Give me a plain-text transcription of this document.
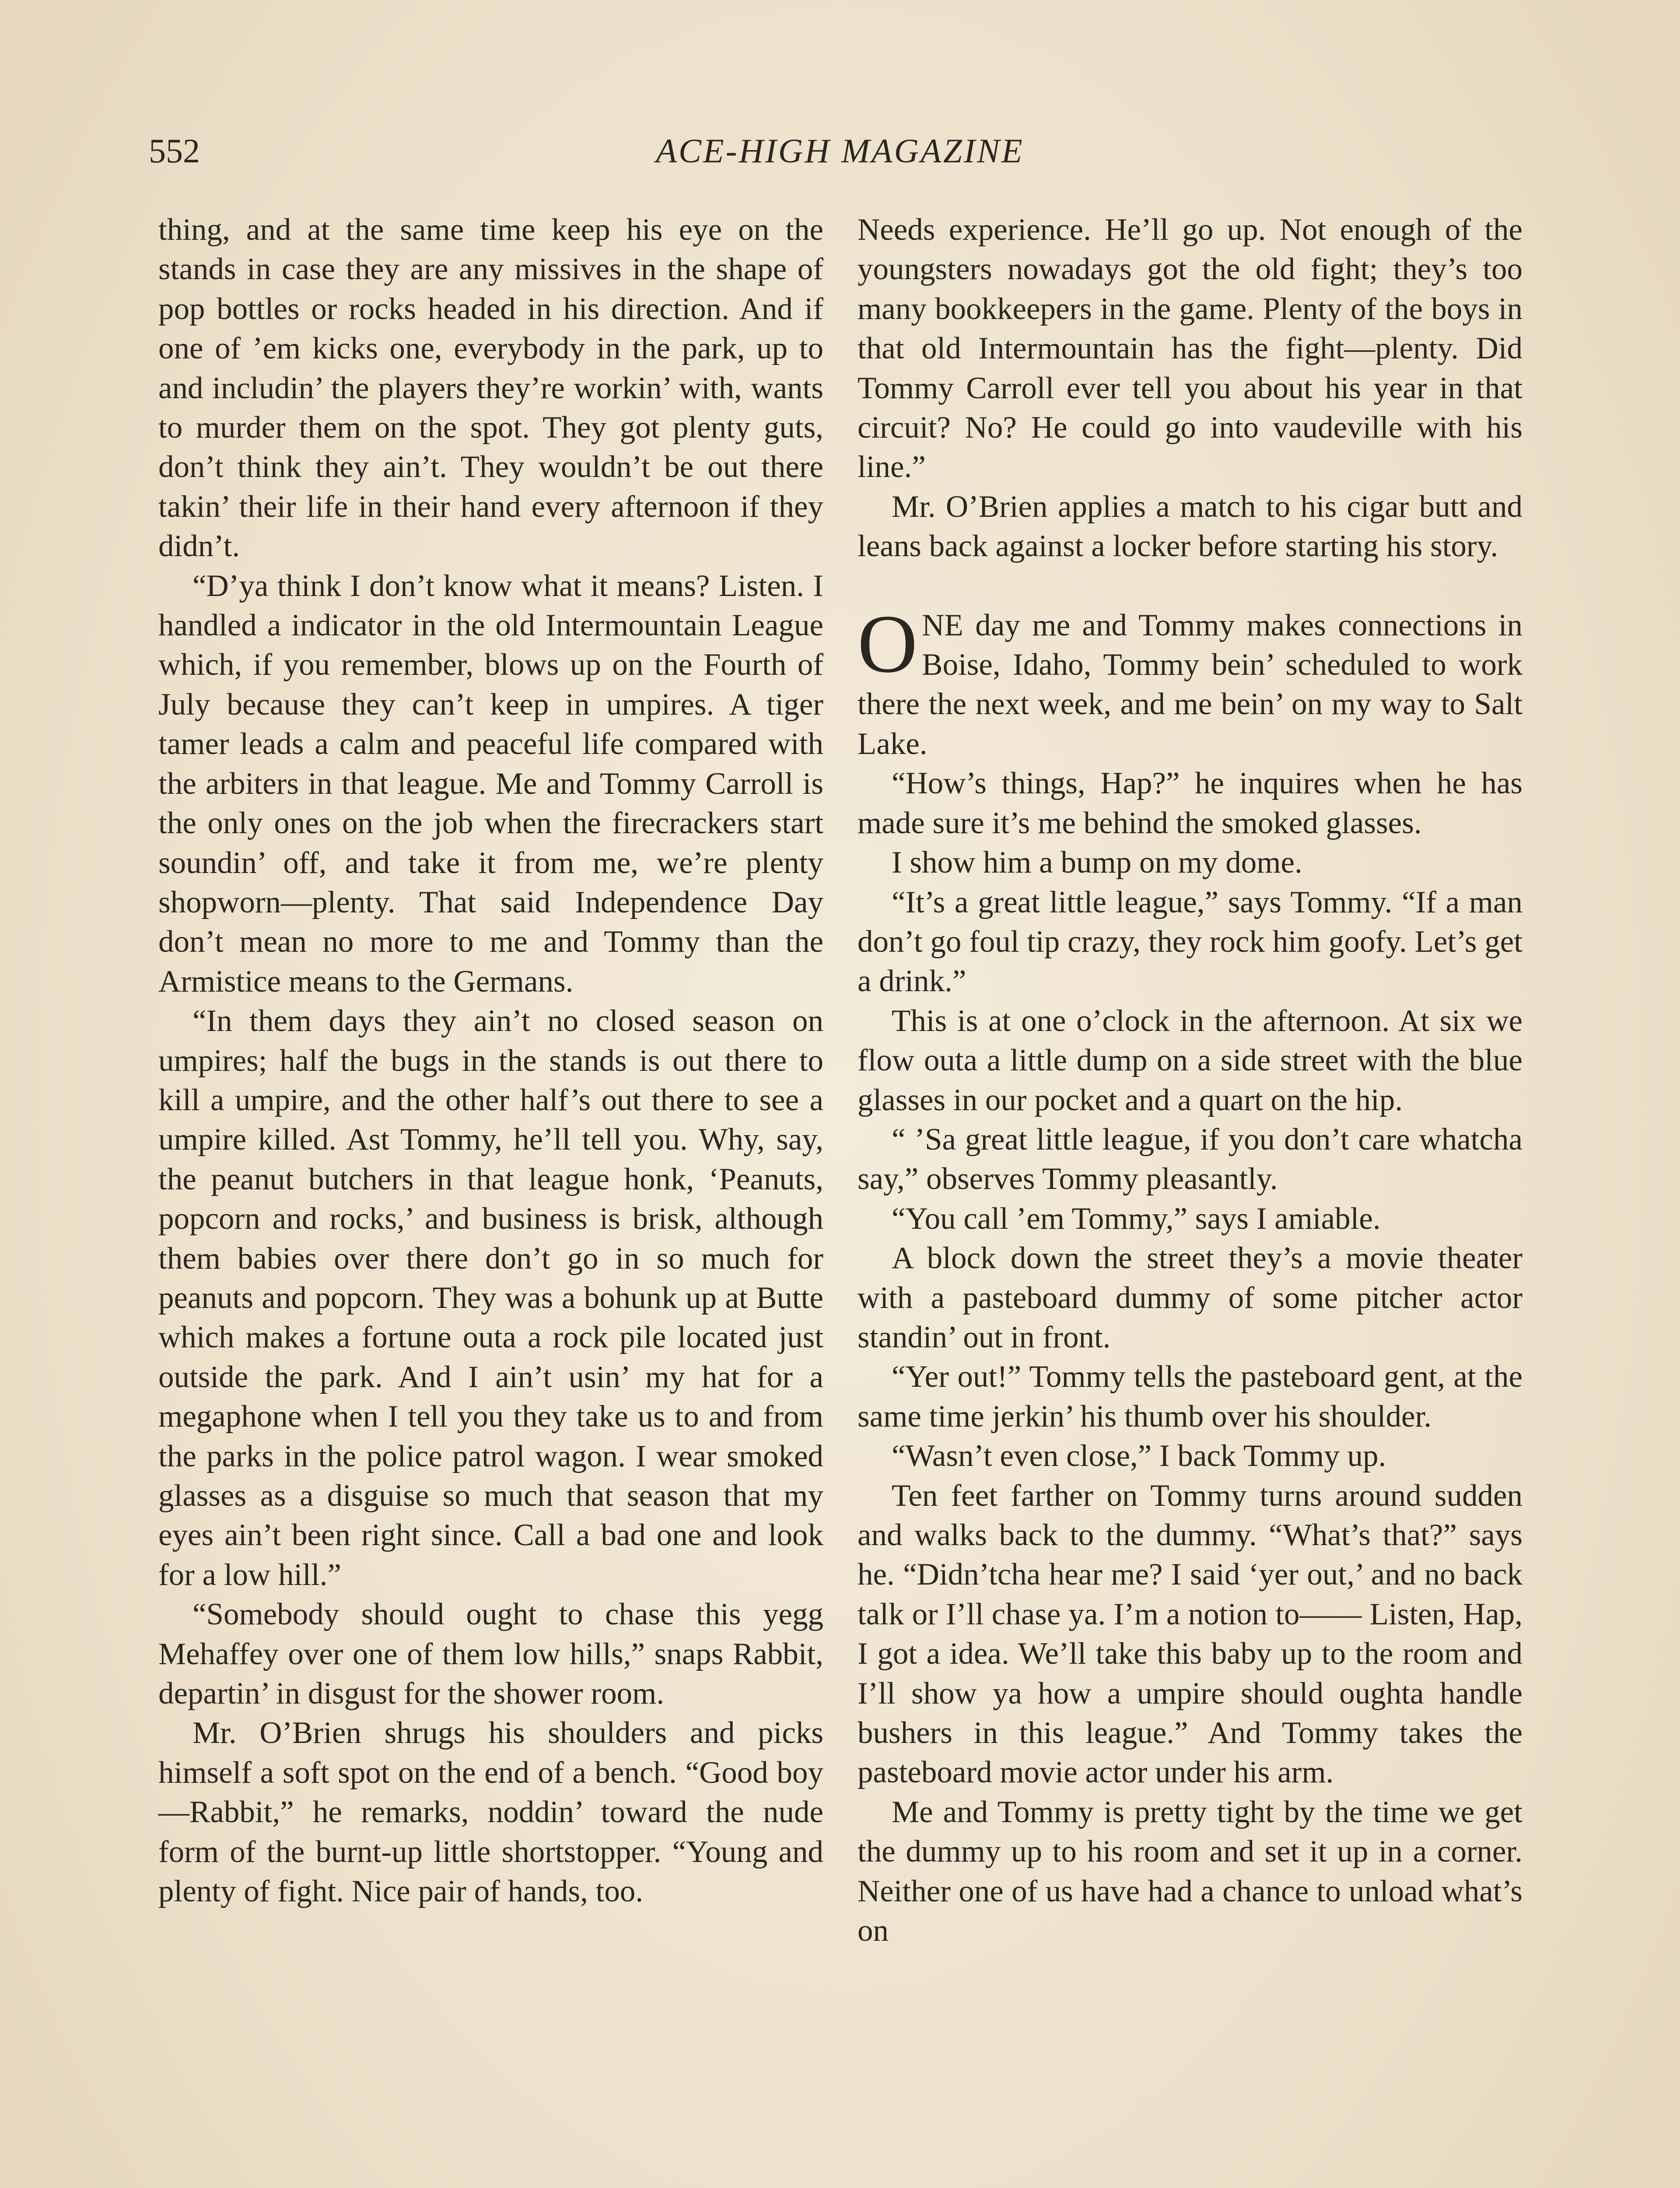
552	ACE-HIGH MAGAZINE

thing, and at the same time keep his eye on the stands in case they are any missives in the shape of pop bottles or rocks headed in his direction. And if one of ’em kicks one, everybody in the park, up to and includin’ the players they’re workin’ with, wants to murder them on the spot. They got plenty guts, don’t think they ain’t. They wouldn’t be out there takin’ their life in their hand every afternoon if they didn’t.

“D’ya think I don’t know what it means? Listen. I handled a indicator in the old Intermountain League which, if you remember, blows up on the Fourth of July because they can’t keep in umpires. A tiger tamer leads a calm and peaceful life compared with the arbiters in that league. Me and Tommy Carroll is the only ones on the job when the firecrackers start soundin’ off, and take it from me, we’re plenty shopworn—plenty. That said Independence Day don’t mean no more to me and Tommy than the Armistice means to the Germans.

“In them days they ain’t no closed season on umpires; half the bugs in the stands is out there to kill a umpire, and the other half’s out there to see a umpire killed. Ast Tommy, he’ll tell you. Why, say, the peanut butchers in that league honk, ‘Peanuts, popcorn and rocks,’ and business is brisk, although them babies over there don’t go in so much for peanuts and popcorn. They was a bohunk up at Butte which makes a fortune outa a rock pile located just outside the park. And I ain’t usin’ my hat for a megaphone when I tell you they take us to and from the parks in the police patrol wagon. I wear smoked glasses as a disguise so much that season that my eyes ain’t been right since. Call a bad one and look for a low hill.”

“Somebody should ought to chase this yegg Mehaffey over one of them low hills,” snaps Rabbit, departin’ in disgust for the shower room.

Mr. O’Brien shrugs his shoulders and picks himself a soft spot on the end of a bench. “Good boy—Rabbit,” he remarks, noddin’ toward the nude form of the burnt-up little shortstopper. “Young and plenty of fight. Nice pair of hands, too.

Needs experience. He’ll go up. Not enough of the youngsters nowadays got the old fight; they’s too many bookkeepers in the game. Plenty of the boys in that old Intermountain has the fight—plenty. Did Tommy Carroll ever tell you about his year in that circuit? No? He could go into vaudeville with his line.”

Mr. O’Brien applies a match to his cigar butt and leans back against a locker before starting his story.

O NE day me and Tommy makes connections in Boise, Idaho, Tommy bein’ scheduled to work there the next week, and me bein’ on my way to Salt Lake.

“How’s things, Hap?” he inquires when he has made sure it’s me behind the smoked glasses.

I show him a bump on my dome.

“It’s a great little league,” says Tommy. “If a man don’t go foul tip crazy, they rock him goofy. Let’s get a drink.”

This is at one o’clock in the afternoon. At six we flow outa a little dump on a side street with the blue glasses in our pocket and a quart on the hip.

“ ’Sa great little league, if you don’t care whatcha say,” observes Tommy pleasantly.

“You call ’em Tommy,” says I amiable.

A block down the street they’s a movie theater with a pasteboard dummy of some pitcher actor standin’ out in front.

“Yer out!” Tommy tells the pasteboard gent, at the same time jerkin’ his thumb over his shoulder.

“Wasn’t even close,” I back Tommy up.

Ten feet farther on Tommy turns around sudden and walks back to the dummy. “What’s that?” says he. “Didn’tcha hear me? I said ‘yer out,’ and no back talk or I’ll chase ya. I’m a notion to—— Listen, Hap, I got a idea. We’ll take this baby up to the room and I’ll show ya how a umpire should oughta handle bushers in this league.” And Tommy takes the pasteboard movie actor under his arm.

Me and Tommy is pretty tight by the time we get the dummy up to his room and set it up in a corner. Neither one of us have had a chance to unload what’s on
